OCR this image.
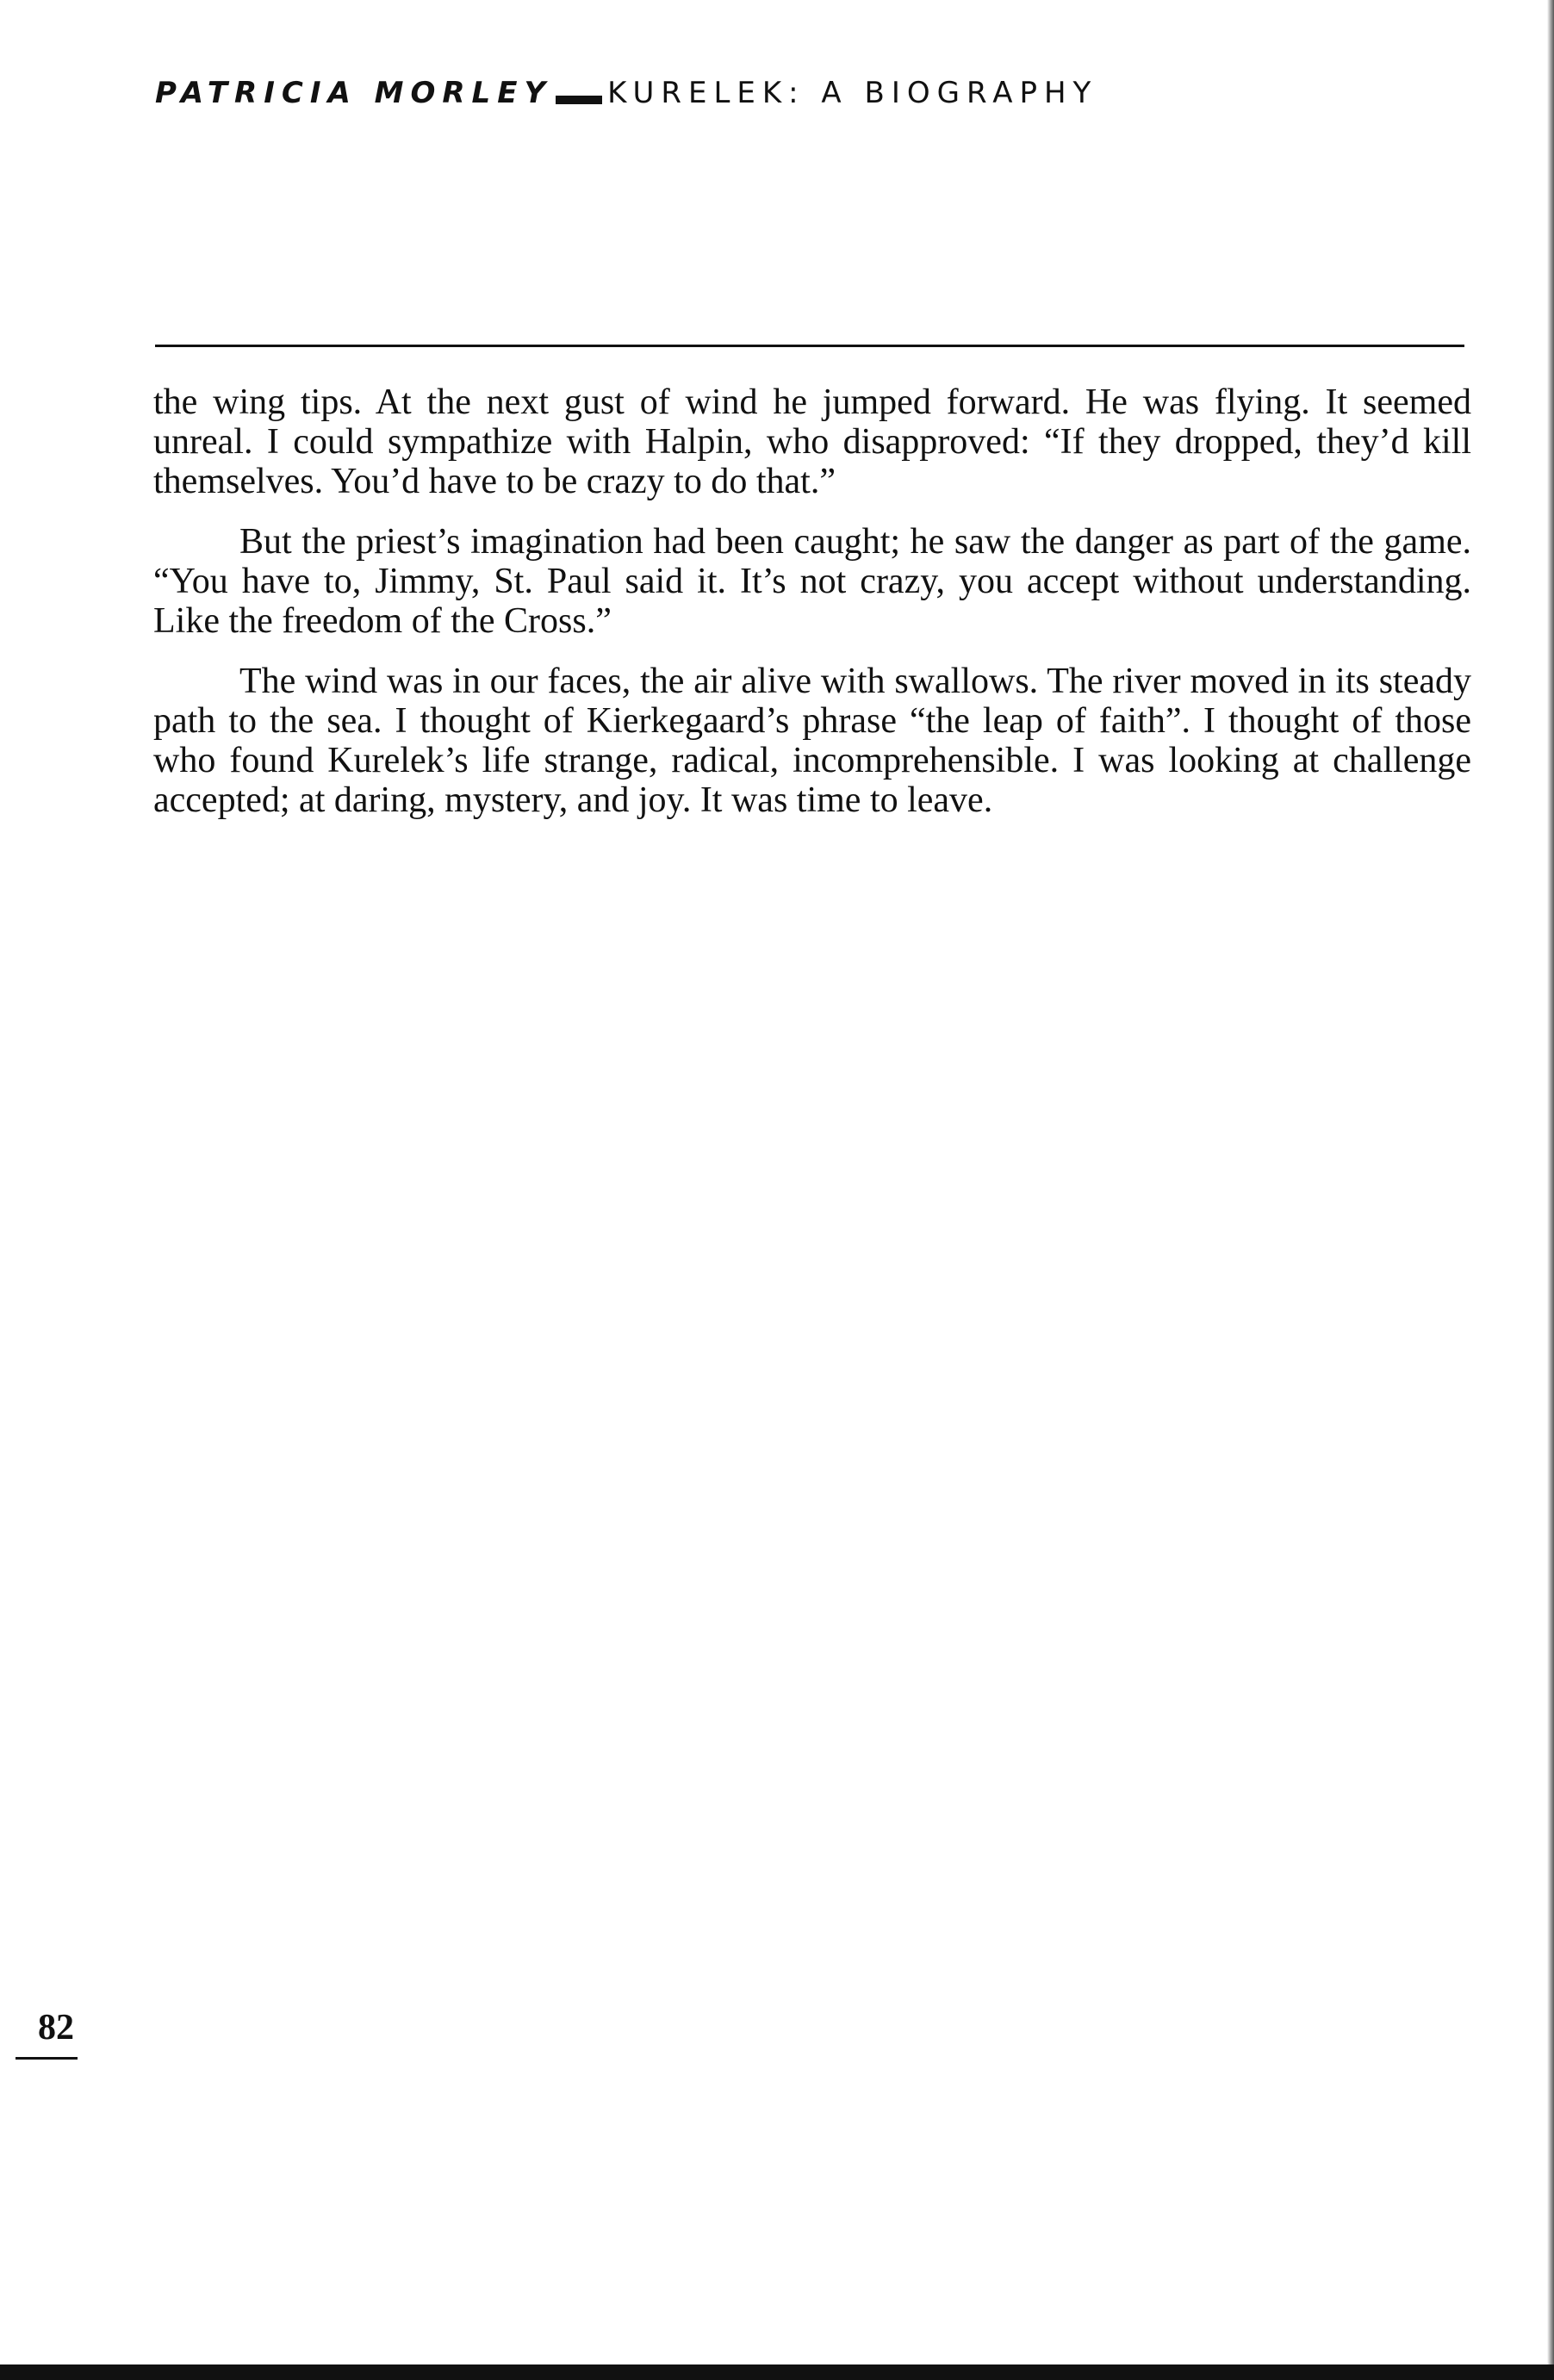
PATRICIA MORLEY KURELEK: A BIOGRAPHY

the wing tips. At the next gust of wind he jumped forward. He was flying. It seemed unreal. I could sympathize with Halpin, who disapproved: “If they dropped, they’d kill themselves. You’d have to be crazy to do that.”

But the priest’s imagination had been caught; he saw the danger as part of the game. “You have to, Jimmy, St. Paul said it. It’s not crazy, you accept without understanding. Like the freedom of the Cross.”

The wind was in our faces, the air alive with swallows. The river moved in its steady path to the sea. I thought of Kierkegaard’s phrase “the leap of faith”. I thought of those who found Kurelek’s life strange, radical, incomprehensible. I was looking at challenge accepted; at daring, mystery, and joy. It was time to leave.

82
